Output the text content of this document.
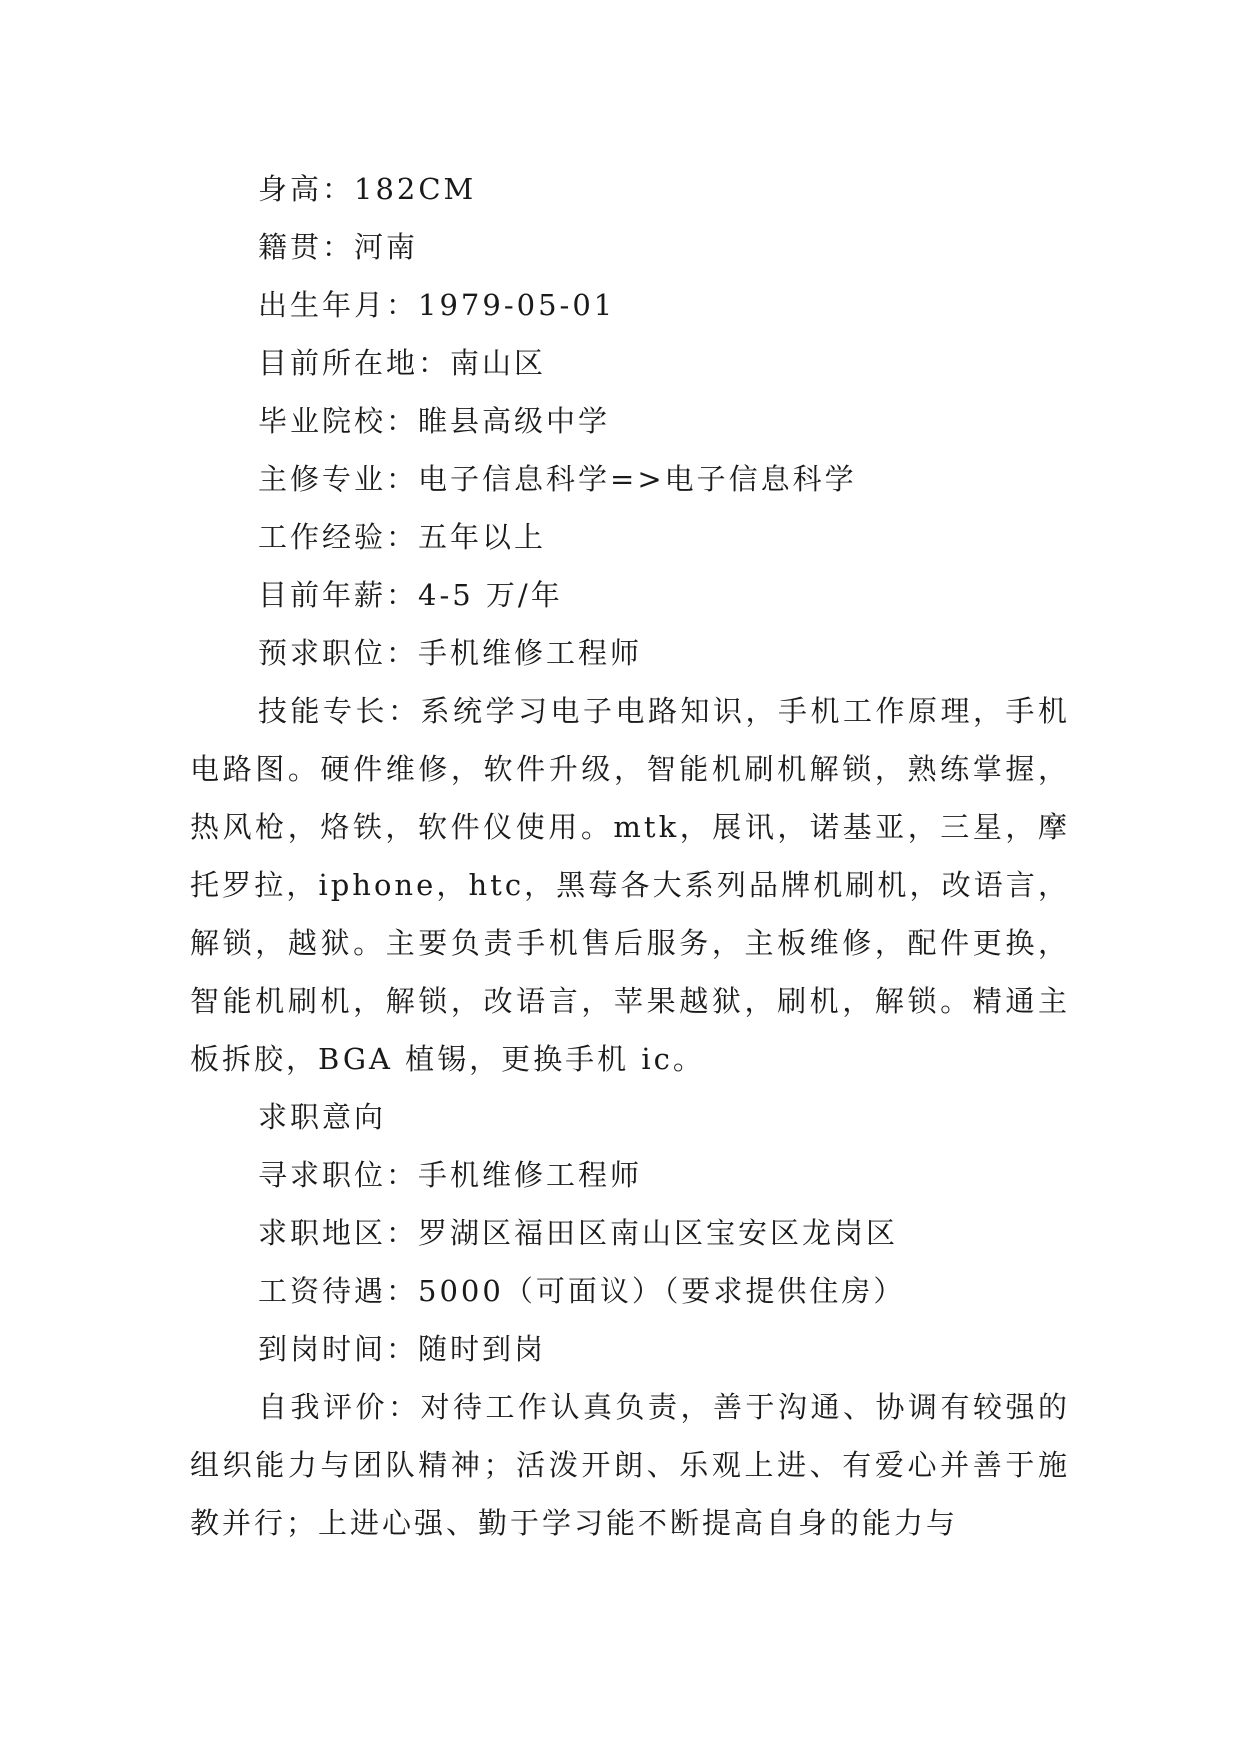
身高：182CM

籍贯：河南

出生年月：1979-05-01

目前所在地：南山区

毕业院校：睢县高级中学

主修专业：电子信息科学=>电子信息科学

工作经验：五年以上

目前年薪：4-5 万/年

预求职位：手机维修工程师

技能专长：系统学习电子电路知识，手机工作原理，手机电路图。硬件维修，软件升级，智能机刷机解锁，熟练掌握，热风枪，烙铁，软件仪使用。mtk，展讯，诺基亚，三星，摩托罗拉，iphone，htc，黑莓各大系列品牌机刷机，改语言，解锁，越狱。主要负责手机售后服务，主板维修，配件更换，智能机刷机，解锁，改语言，苹果越狱，刷机，解锁。精通主板拆胶，BGA 植锡，更换手机 ic。

求职意向

寻求职位：手机维修工程师

求职地区：罗湖区福田区南山区宝安区龙岗区

工资待遇：5000（可面议）（要求提供住房）

到岗时间：随时到岗

自我评价：对待工作认真负责，善于沟通、协调有较强的组织能力与团队精神；活泼开朗、乐观上进、有爱心并善于施教并行；上进心强、勤于学习能不断提高自身的能力与
